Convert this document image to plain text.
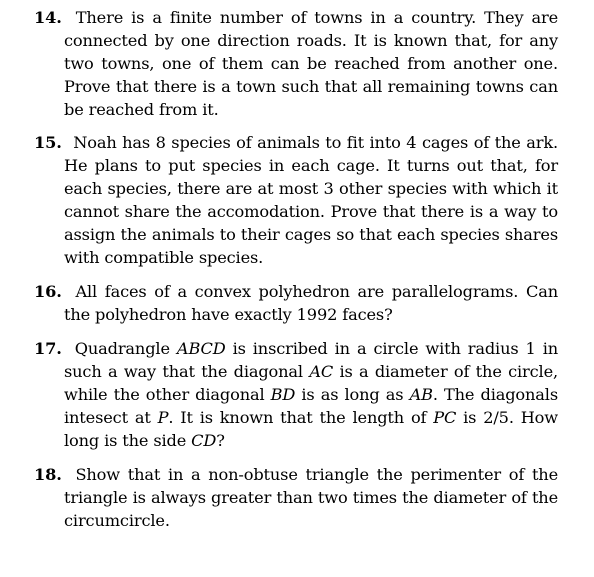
14. There is a finite number of towns in a country. They are connected by one direction roads. It is known that, for any two towns, one of them can be reached from another one. Prove that there is a town such that all remaining towns can be reached from it.
15. Noah has 8 species of animals to fit into 4 cages of the ark. He plans to put species in each cage. It turns out that, for each species, there are at most 3 other species with which it cannot share the accomodation. Prove that there is a way to assign the animals to their cages so that each species shares with compatible species.
16. All faces of a convex polyhedron are parallelograms. Can the polyhedron have exactly 1992 faces?
17. Quadrangle ABCD is inscribed in a circle with radius 1 in such a way that the diagonal AC is a diameter of the circle, while the other diagonal BD is as long as AB. The diagonals intesect at P. It is known that the length of PC is 2/5. How long is the side CD?
18. Show that in a non-obtuse triangle the perimenter of the triangle is always greater than two times the diameter of the circumcircle.
